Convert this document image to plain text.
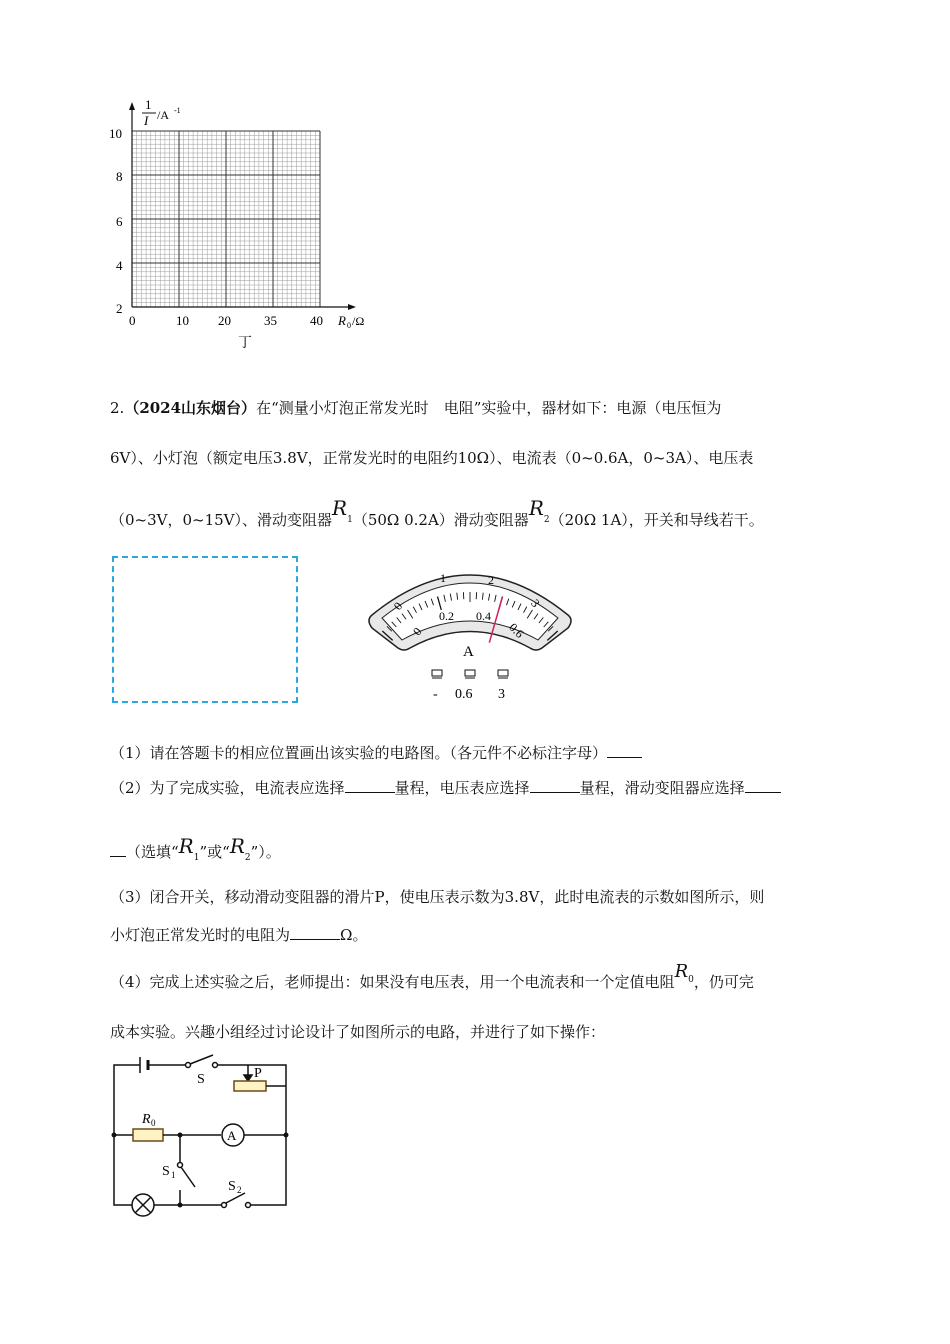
1
I /A -1
10
8
6
4
2
0	10 20	35	40 R 0 /Ω
丁
2.（2024山东烟台）在“测量小灯泡正常发光时　电阻”实验中，器材如下：电源（电压恒为
6V）、小灯泡（额定电压3.8V，正常发光时的电阻约10Ω）、电流表（0~0.6A，0~3A）、电压表
（0~3V，0~15V）、滑动变阻器$R_1(50\Omega$ 0.2A）滑动变阻器$R_2(20\Omega$ 1A），开关和导线若干。
0
1	2
3
0
0.2 0.4
0.6
A
- 0.6 3
（1）请在答题卡的相应位置画出该实验的电路图。（各元件不必标注字母）
（2）为了完成实验，电流表应选择	量程，电压表应选择	量程，滑动变阻器应选择
（选填“$R_1$”或“$R_2$”）。
（3）闭合开关，移动滑动变阻器的滑片P，使电压表示数为3.8V，此时电流表的示数如图所示，则
小灯泡正常发光时的电阻为	Ω。
（4）完成上述实验之后，老师提出：如果没有电压表，用一个电流表和一个定值电阻$R_0$，仍可完
成本实验。兴趣小组经过讨论设计了如图所示的电路，并进行了如下操作：
S	P
R 0
A
S 1
S 2
